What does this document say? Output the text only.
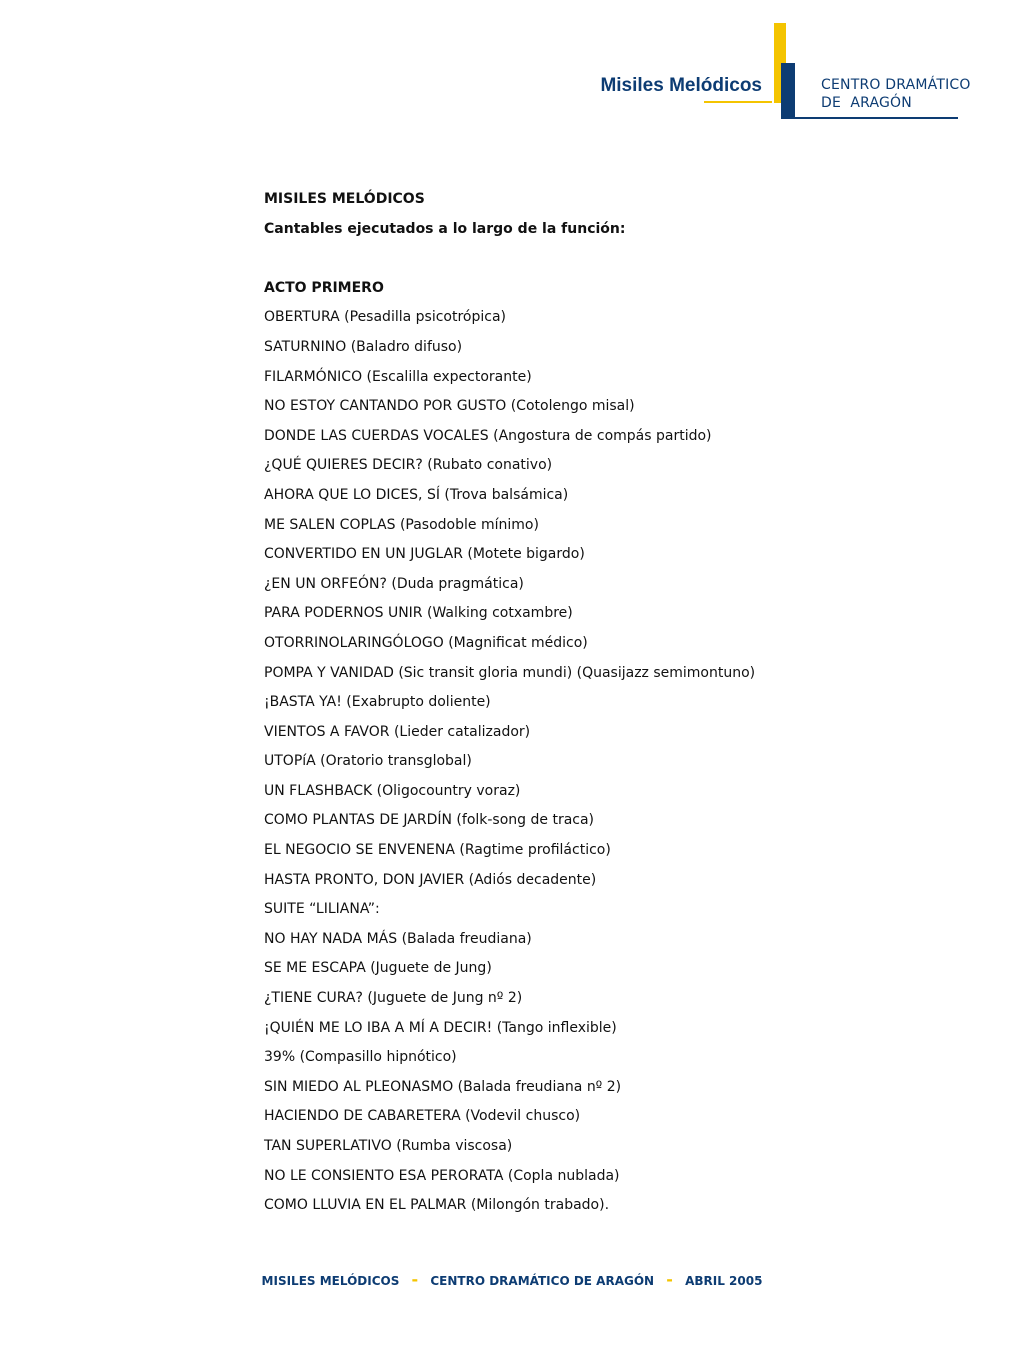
Misiles Melódicos	CENTRO DRAMÁTICO
DE  ARAGÓN
MISILES MELÓDICOS
Cantables ejecutados a lo largo de la función:
ACTO PRIMERO
OBERTURA (Pesadilla psicotrópica)
SATURNINO (Baladro difuso)
FILARMÓNICO (Escalilla expectorante)
NO ESTOY CANTANDO POR GUSTO (Cotolengo misal)
DONDE LAS CUERDAS VOCALES (Angostura de compás partido)
¿QUÉ QUIERES DECIR? (Rubato conativo)
AHORA QUE LO DICES, SÍ (Trova balsámica)
ME SALEN COPLAS (Pasodoble mínimo)
CONVERTIDO EN UN JUGLAR (Motete bigardo)
¿EN UN ORFEÓN? (Duda pragmática)
PARA PODERNOS UNIR (Walking cotxambre)
OTORRINOLARINGÓLOGO (Magnificat médico)
POMPA Y VANIDAD (Sic transit gloria mundi) (Quasijazz semimontuno)
¡BASTA YA! (Exabrupto doliente)
VIENTOS A FAVOR (Lieder catalizador)
UTOPíA (Oratorio transglobal)
UN FLASHBACK (Oligocountry voraz)
COMO PLANTAS DE JARDÍN (folk-song de traca)
EL NEGOCIO SE ENVENENA (Ragtime profiláctico)
HASTA PRONTO, DON JAVIER (Adiós decadente)
SUITE “LILIANA”:
NO HAY NADA MÁS (Balada freudiana)
SE ME ESCAPA (Juguete de Jung)
¿TIENE CURA? (Juguete de Jung nº 2)
¡QUIÉN ME LO IBA A MÍ A DECIR! (Tango inflexible)
39% (Compasillo hipnótico)
SIN MIEDO AL PLEONASMO (Balada freudiana nº 2)
HACIENDO DE CABARETERA (Vodevil chusco)
TAN SUPERLATIVO (Rumba viscosa)
NO LE CONSIENTO ESA PERORATA (Copla nublada)
COMO LLUVIA EN EL PALMAR (Milongón trabado).
MISILES MELÓDICOS - CENTRO DRAMÁTICO DE ARAGÓN - ABRIL 2005
